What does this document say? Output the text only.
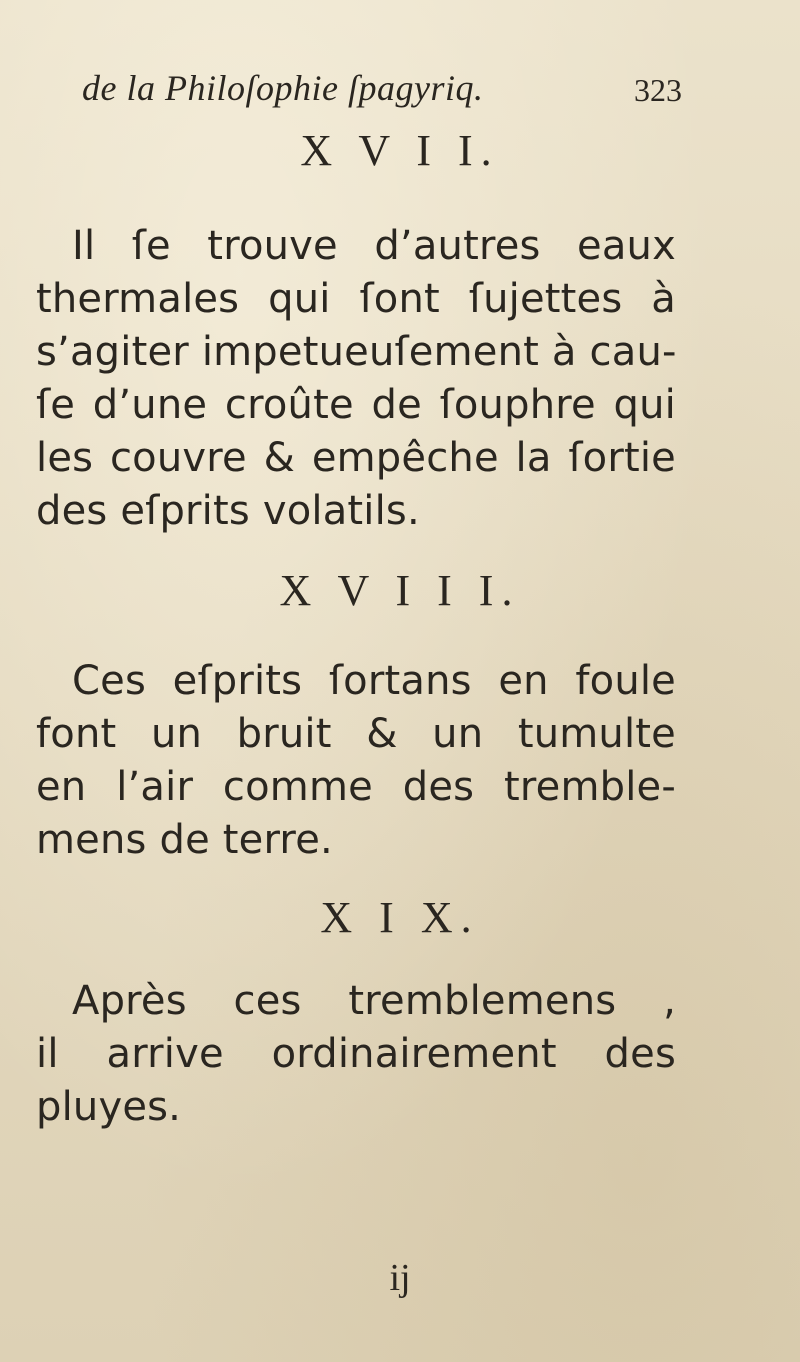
de la Philoſophie ſpagyriq.	323
X V I I.
Il ſe trouve d’autres eaux
thermales qui ſont ſujettes à
s’agiter impetueuſement à cau-
ſe d’une croûte de ſouphre qui
les couvre & empêche la ſortie
des eſprits volatils.
X V I I I.
Ces eſprits ſortans en foule
font un bruit & un tumulte
en l’air comme des tremble-
mens de terre.
X I X.
Après ces tremblemens ,
il arrive ordinairement des
pluyes.
ij
